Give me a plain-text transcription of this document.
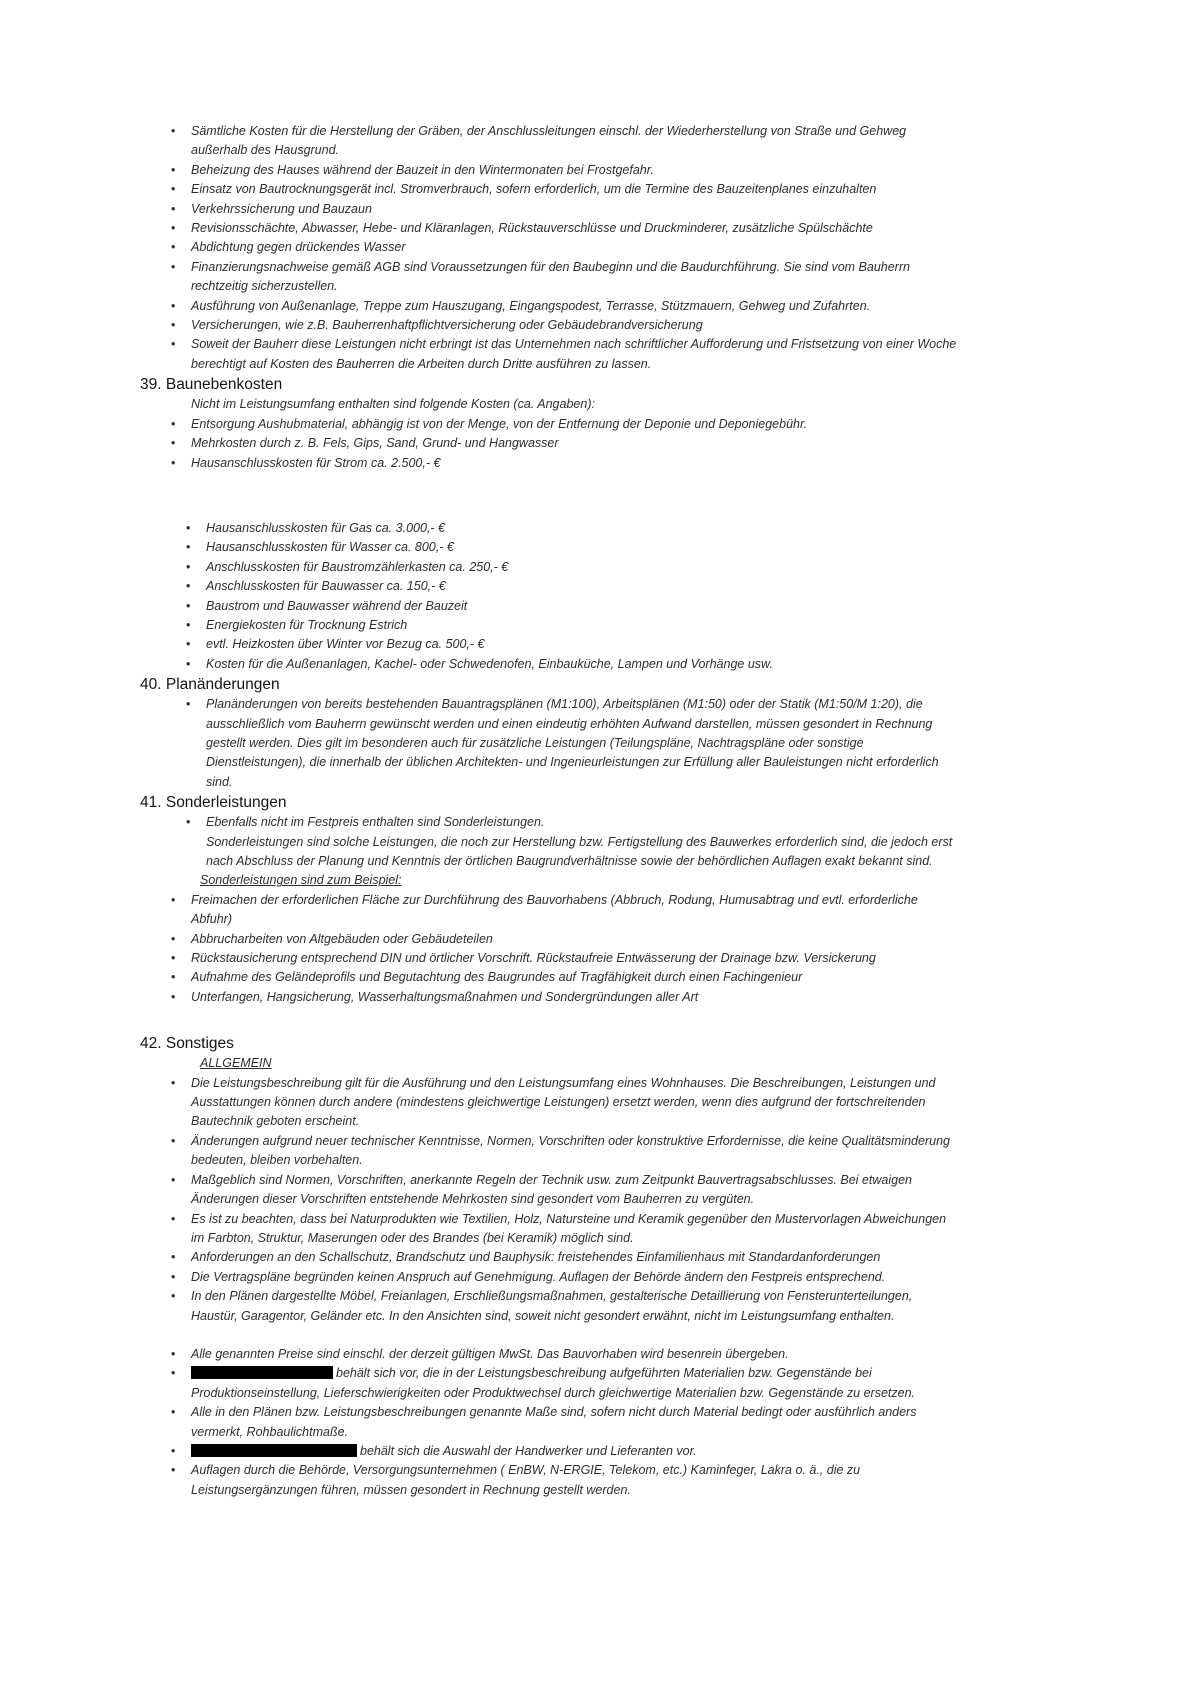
• Sämtliche Kosten für die Herstellung der Gräben, der Anschlussleitungen einschl. der Wiederherstellung von Straße und Gehweg außerhalb des Hausgrund.
• Beheizung des Hauses während der Bauzeit in den Wintermonaten bei Frostgefahr.
• Einsatz von Bautrocknungsgerät incl. Stromverbrauch, sofern erforderlich, um die Termine des Bauzeitenplanes einzuhalten
• Verkehrssicherung und Bauzaun
• Revisionsschächte, Abwasser, Hebe- und Kläranlagen, Rückstauverschlüsse und Druckminderer, zusätzliche Spülschächte
• Abdichtung gegen drückendes Wasser
• Finanzierungsnachweise gemäß AGB sind Voraussetzungen für den Baubeginn und die Baudurchführung. Sie sind vom Bauherrn rechtzeitig sicherzustellen.
• Ausführung von Außenanlage, Treppe zum Hauszugang, Eingangspodest, Terrasse, Stützmauern, Gehweg und Zufahrten.
• Versicherungen, wie z.B. Bauherrenhaftpflichtversicherung oder Gebäudebrandversicherung
• Soweit der Bauherr diese Leistungen nicht erbringt ist das Unternehmen nach schriftlicher Aufforderung und Fristsetzung von einer Woche berechtigt auf Kosten des Bauherren die Arbeiten durch Dritte ausführen zu lassen.
39. Baunebenkosten
Nicht im Leistungsumfang enthalten sind folgende Kosten (ca. Angaben):
• Entsorgung Aushubmaterial, abhängig ist von der Menge, von der Entfernung der Deponie und Deponiegebühr.
• Mehrkosten durch z. B. Fels, Gips, Sand, Grund- und Hangwasser
• Hausanschlusskosten für Strom ca. 2.500,- €
• Hausanschlusskosten für Gas ca. 3.000,- €
• Hausanschlusskosten für Wasser ca. 800,- €
• Anschlusskosten für Baustromzählerkasten ca. 250,- €
• Anschlusskosten für Bauwasser ca. 150,- €
• Baustrom und Bauwasser während der Bauzeit
• Energiekosten für Trocknung Estrich
• evtl. Heizkosten über Winter vor Bezug ca. 500,- €
• Kosten für die Außenanlagen, Kachel- oder Schwedenofen, Einbauküche, Lampen und Vorhänge usw.
40. Planänderungen
• Planänderungen von bereits bestehenden Bauantragsplänen (M1:100), Arbeitsplänen (M1:50) oder der Statik (M1:50/M 1:20), die ausschließlich vom Bauherrn gewünscht werden und einen eindeutig erhöhten Aufwand darstellen, müssen gesondert in Rechnung gestellt werden. Dies gilt im besonderen auch für zusätzliche Leistungen (Teilungspläne, Nachtragspläne oder sonstige Dienstleistungen), die innerhalb der üblichen Architekten- und Ingenieurleistungen zur Erfüllung aller Bauleistungen nicht erforderlich sind.
41. Sonderleistungen
• Ebenfalls nicht im Festpreis enthalten sind Sonderleistungen.
Sonderleistungen sind solche Leistungen, die noch zur Herstellung bzw. Fertigstellung des Bauwerkes erforderlich sind, die jedoch erst nach Abschluss der Planung und Kenntnis der örtlichen Baugrundverhältnisse sowie der behördlichen Auflagen exakt bekannt sind.
Sonderleistungen sind zum Beispiel:
• Freimachen der erforderlichen Fläche zur Durchführung des Bauvorhabens (Abbruch, Rodung, Humusabtrag und evtl. erforderliche Abfuhr)
• Abbrucharbeiten von Altgebäuden oder Gebäudeteilen
• Rückstausicherung entsprechend DIN und örtlicher Vorschrift. Rückstaufreie Entwässerung der Drainage bzw. Versickerung
• Aufnahme des Geländeprofils und Begutachtung des Baugrundes auf Tragfähigkeit durch einen Fachingenieur
• Unterfangen, Hangsicherung, Wasserhaltungsmaßnahmen und Sondergründungen aller Art
42. Sonstiges
ALLGEMEIN
• Die Leistungsbeschreibung gilt für die Ausführung und den Leistungsumfang eines Wohnhauses. Die Beschreibungen, Leistungen und Ausstattungen können durch andere (mindestens gleichwertige Leistungen) ersetzt werden, wenn dies aufgrund der fortschreitenden Bautechnik geboten erscheint.
• Änderungen aufgrund neuer technischer Kenntnisse, Normen, Vorschriften oder konstruktive Erfordernisse, die keine Qualitätsminderung bedeuten, bleiben vorbehalten.
• Maßgeblich sind Normen, Vorschriften, anerkannte Regeln der Technik usw. zum Zeitpunkt Bauvertragsabschlusses. Bei etwaigen Änderungen dieser Vorschriften entstehende Mehrkosten sind gesondert vom Bauherren zu vergüten.
• Es ist zu beachten, dass bei Naturprodukten wie Textilien, Holz, Natursteine und Keramik gegenüber den Mustervorlagen Abweichungen im Farbton, Struktur, Maserungen oder des Brandes (bei Keramik) möglich sind.
• Anforderungen an den Schallschutz, Brandschutz und Bauphysik: freistehendes Einfamilienhaus mit Standardanforderungen
• Die Vertragspläne begründen keinen Anspruch auf Genehmigung. Auflagen der Behörde ändern den Festpreis entsprechend.
• In den Plänen dargestellte Möbel, Freianlagen, Erschließungsmaßnahmen, gestalterische Detaillierung von Fensterunterteilungen, Haustür, Garagentor, Geländer etc. In den Ansichten sind, soweit nicht gesondert erwähnt, nicht im Leistungsumfang enthalten.
• Alle genannten Preise sind einschl. der derzeit gültigen MwSt. Das Bauvorhaben wird besenrein übergeben.
•	behält sich vor, die in der Leistungsbeschreibung aufgeführten Materialien bzw. Gegenstände bei Produktionseinstellung, Lieferschwierigkeiten oder Produktwechsel durch gleichwertige Materialien bzw. Gegenstände zu ersetzen.
• Alle in den Plänen bzw. Leistungsbeschreibungen genannte Maße sind, sofern nicht durch Material bedingt oder ausführlich anders vermerkt, Rohbaulichtmaße.
•	behält sich die Auswahl der Handwerker und Lieferanten vor.
• Auflagen durch die Behörde, Versorgungsunternehmen ( EnBW, N-ERGIE, Telekom, etc.) Kaminfeger, Lakra o. ä., die zu Leistungsergänzungen führen, müssen gesondert in Rechnung gestellt werden.
